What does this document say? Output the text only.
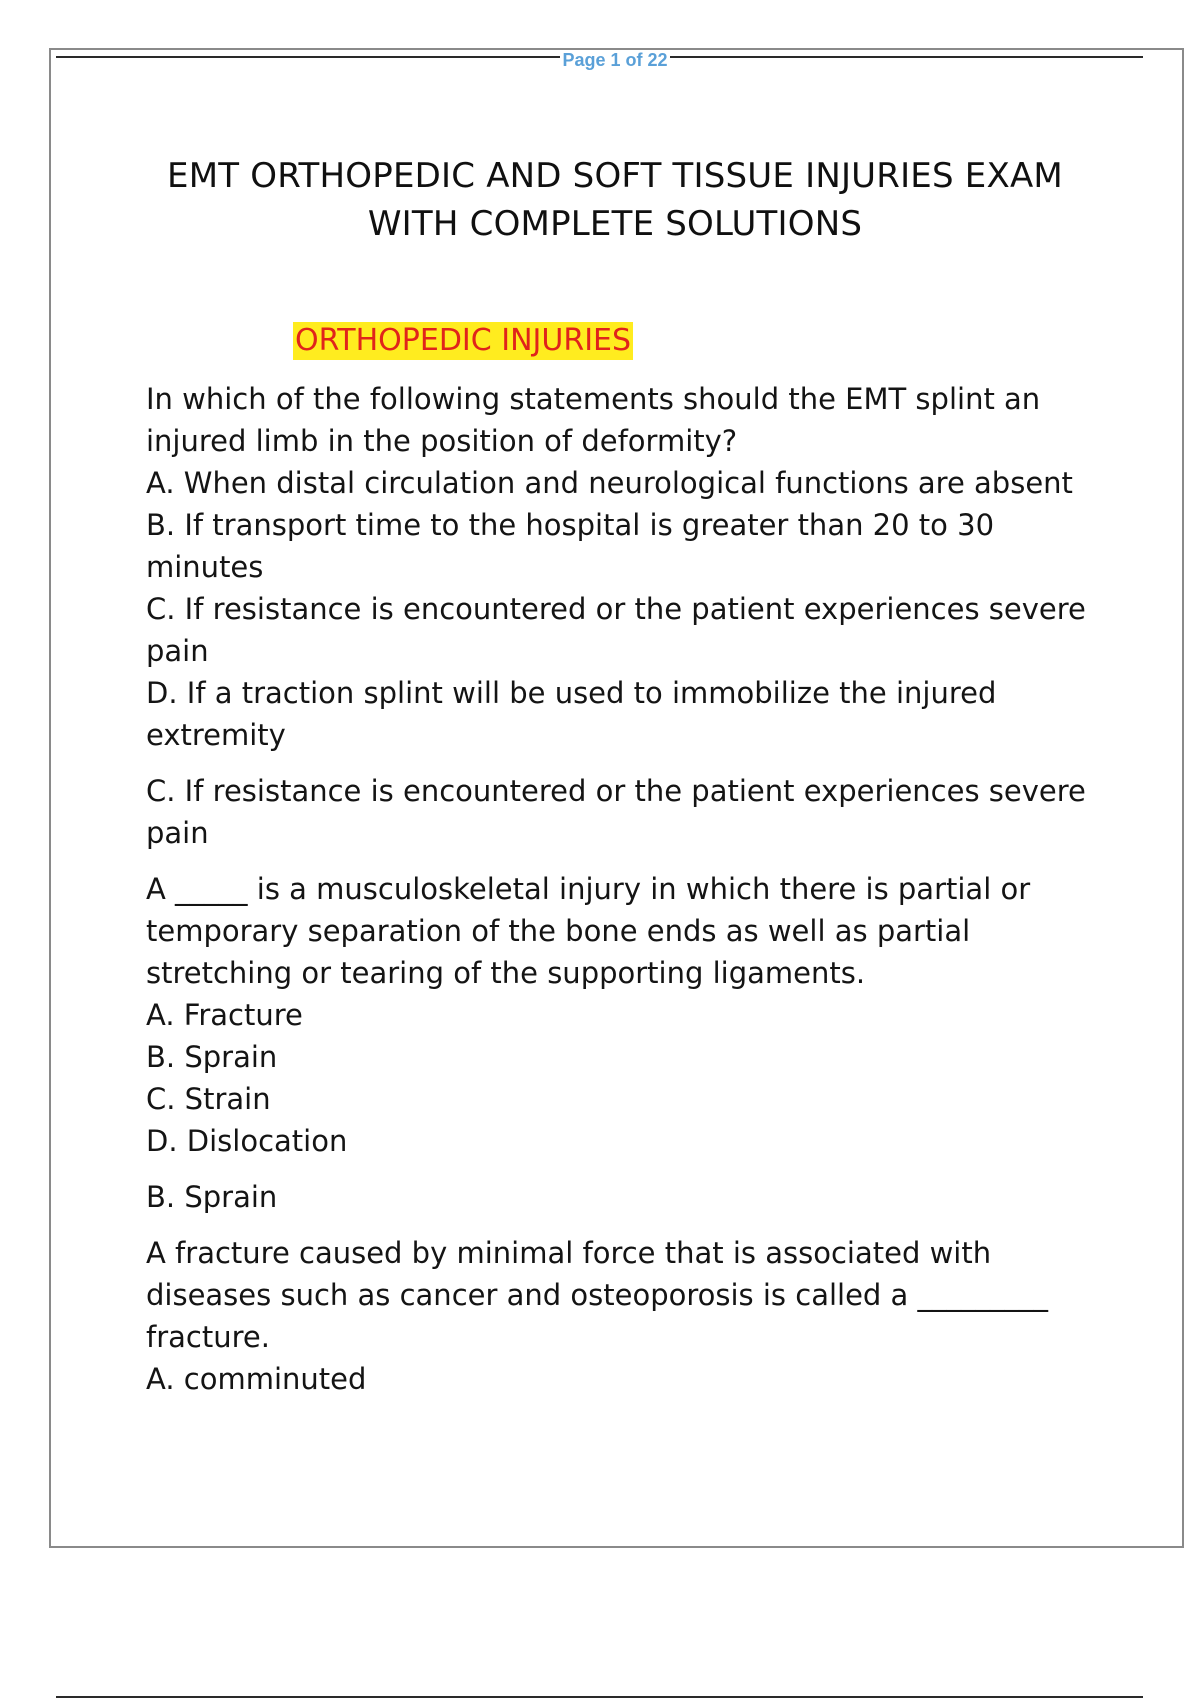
Page 1 of 22
EMT ORTHOPEDIC AND SOFT TISSUE INJURIES EXAM WITH COMPLETE SOLUTIONS
ORTHOPEDIC INJURIES

In which of the following statements should the EMT splint an injured limb in the position of deformity?

A. When distal circulation and neurological functions are absent

B. If transport time to the hospital is greater than 20 to 30 minutes

C. If resistance is encountered or the patient experiences severe pain

D. If a traction splint will be used to immobilize the injured extremity

C. If resistance is encountered or the patient experiences severe pain

A _____ is a musculoskeletal injury in which there is partial or temporary separation of the bone ends as well as partial stretching or tearing of the supporting ligaments.

A. Fracture

B. Sprain

C. Strain

D. Dislocation

B. Sprain

A fracture caused by minimal force that is associated with diseases such as cancer and osteoporosis is called a _________ fracture.

A. comminuted
